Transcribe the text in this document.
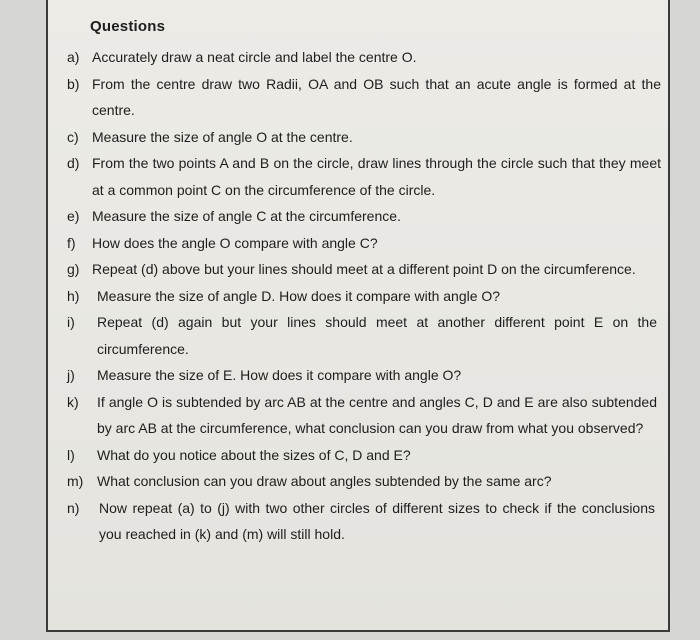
Questions
a) Accurately draw a neat circle and label the centre O.
b) From the centre draw two Radii, OA and OB such that an acute angle is formed at the centre.
c) Measure the size of angle O at the centre.
d) From the two points A and B on the circle, draw lines through the circle such that they meet at a common point C on the circumference of the circle.
e) Measure the size of angle C at the circumference.
f)	How does the angle O compare with angle C?
g) Repeat (d) above but your lines should meet at a different point D on the circumference.
h)	Measure the size of angle D. How does it compare with angle O?
i)	Repeat (d) again but your lines should meet at another different point E on the circumference.
j)	Measure the size of E. How does it compare with angle O?
k)	If angle O is subtended by arc AB at the centre and angles C, D and E are also subtended by arc AB at the circumference, what conclusion can you draw from what you observed?
l)	What do you notice about the sizes of C, D and E?
m) What conclusion can you draw about angles subtended by the same arc?
n)	Now repeat (a) to (j) with two other circles of different sizes to check if the conclusions you reached in (k) and (m) will still hold.
